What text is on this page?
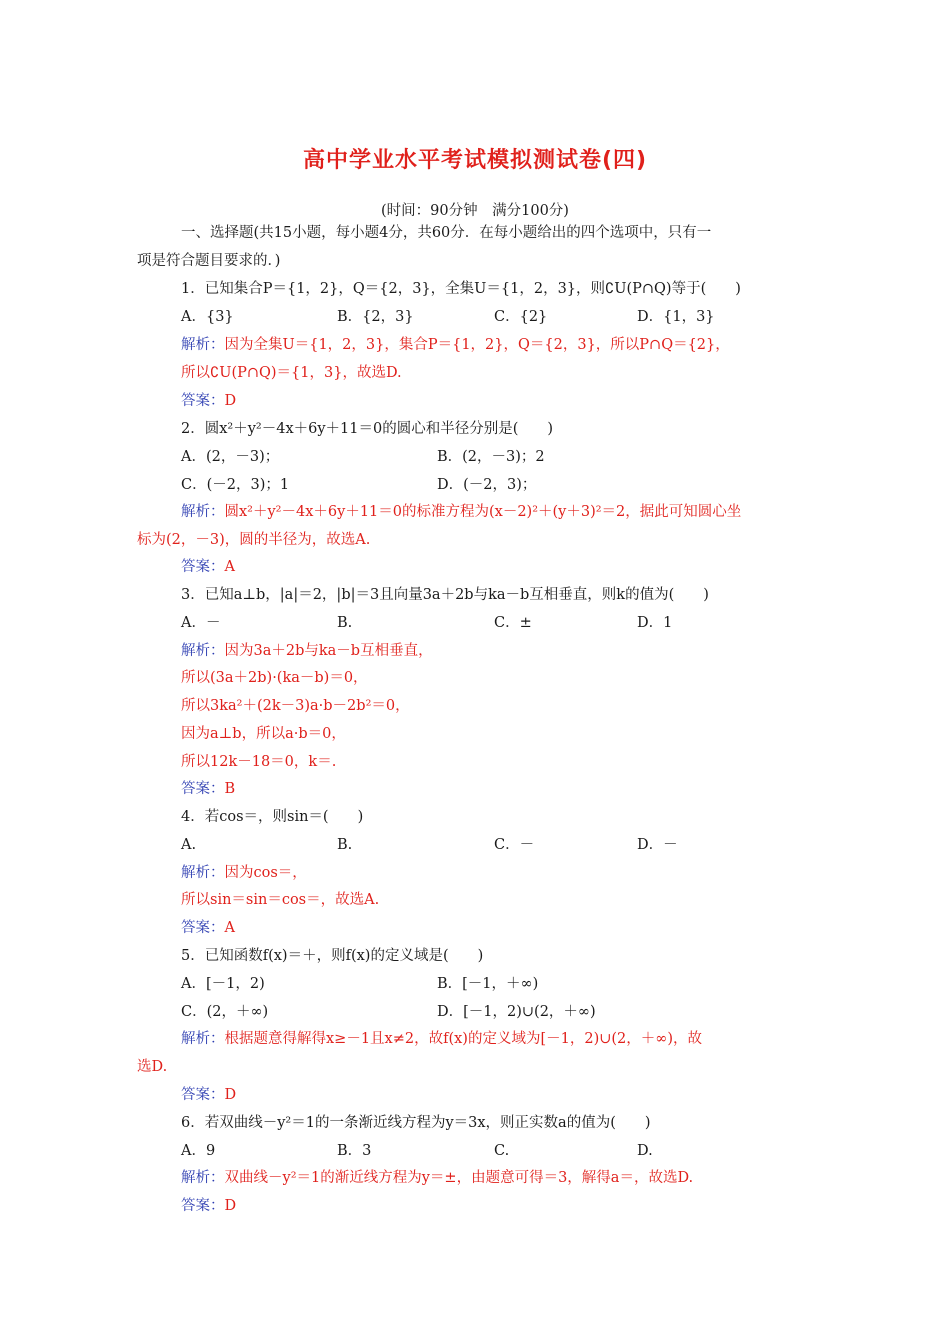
高中学业水平考试模拟测试卷(四)
(时间：90分钟　满分100分)
一、选择题(共15小题，每小题4分，共60分．在每小题给出的四个选项中，只有一
项是符合题目要求的．)
1．已知集合P＝{1，2}，Q＝{2，3}，全集U＝{1，2，3}，则∁U(P∩Q)等于(　　)
A．{3}	B．{2，3}	C．{2}	D．{1，3}
解析：因为全集U＝{1，2，3}，集合P＝{1，2}，Q＝{2，3}，所以P∩Q＝{2}，
所以∁U(P∩Q)＝{1，3}，故选D.
答案：D
2．圆x²＋y²－4x＋6y＋11＝0的圆心和半径分别是(　　)
A．(2，－3)；	B．(2，－3)；2
C．(－2，3)；1	D．(－2，3)；
解析：圆x²＋y²－4x＋6y＋11＝0的标准方程为(x－2)²＋(y＋3)²＝2，据此可知圆心坐
标为(2，－3)，圆的半径为，故选A.
答案：A
3．已知a⊥b，|a|＝2，|b|＝3且向量3a＋2b与ka－b互相垂直，则k的值为(　　)
A．－	B.	C．±	D．1
解析：因为3a＋2b与ka－b互相垂直，
所以(3a＋2b)·(ka－b)＝0，
所以3ka²＋(2k－3)a·b－2b²＝0，
因为a⊥b，所以a·b＝0，
所以12k－18＝0，k＝.
答案：B
4．若cos＝，则sin＝(　　)
A.	B.	C．－	D．－
解析：因为cos＝，
所以sin＝sin＝cos＝，故选A.
答案：A
5．已知函数f(x)＝＋，则f(x)的定义域是(　　)
A．[－1，2)	B．[－1，＋∞)
C．(2，＋∞)	D．[－1，2)∪(2，＋∞)
解析：根据题意得解得x≥－1且x≠2，故f(x)的定义域为[－1，2)∪(2，＋∞)，故
选D.
答案：D
6．若双曲线－y²＝1的一条渐近线方程为y＝3x，则正实数a的值为(　　)
A．9	B．3	C.	D.
解析：双曲线－y²＝1的渐近线方程为y＝±，由题意可得＝3，解得a＝，故选D.
答案：D
